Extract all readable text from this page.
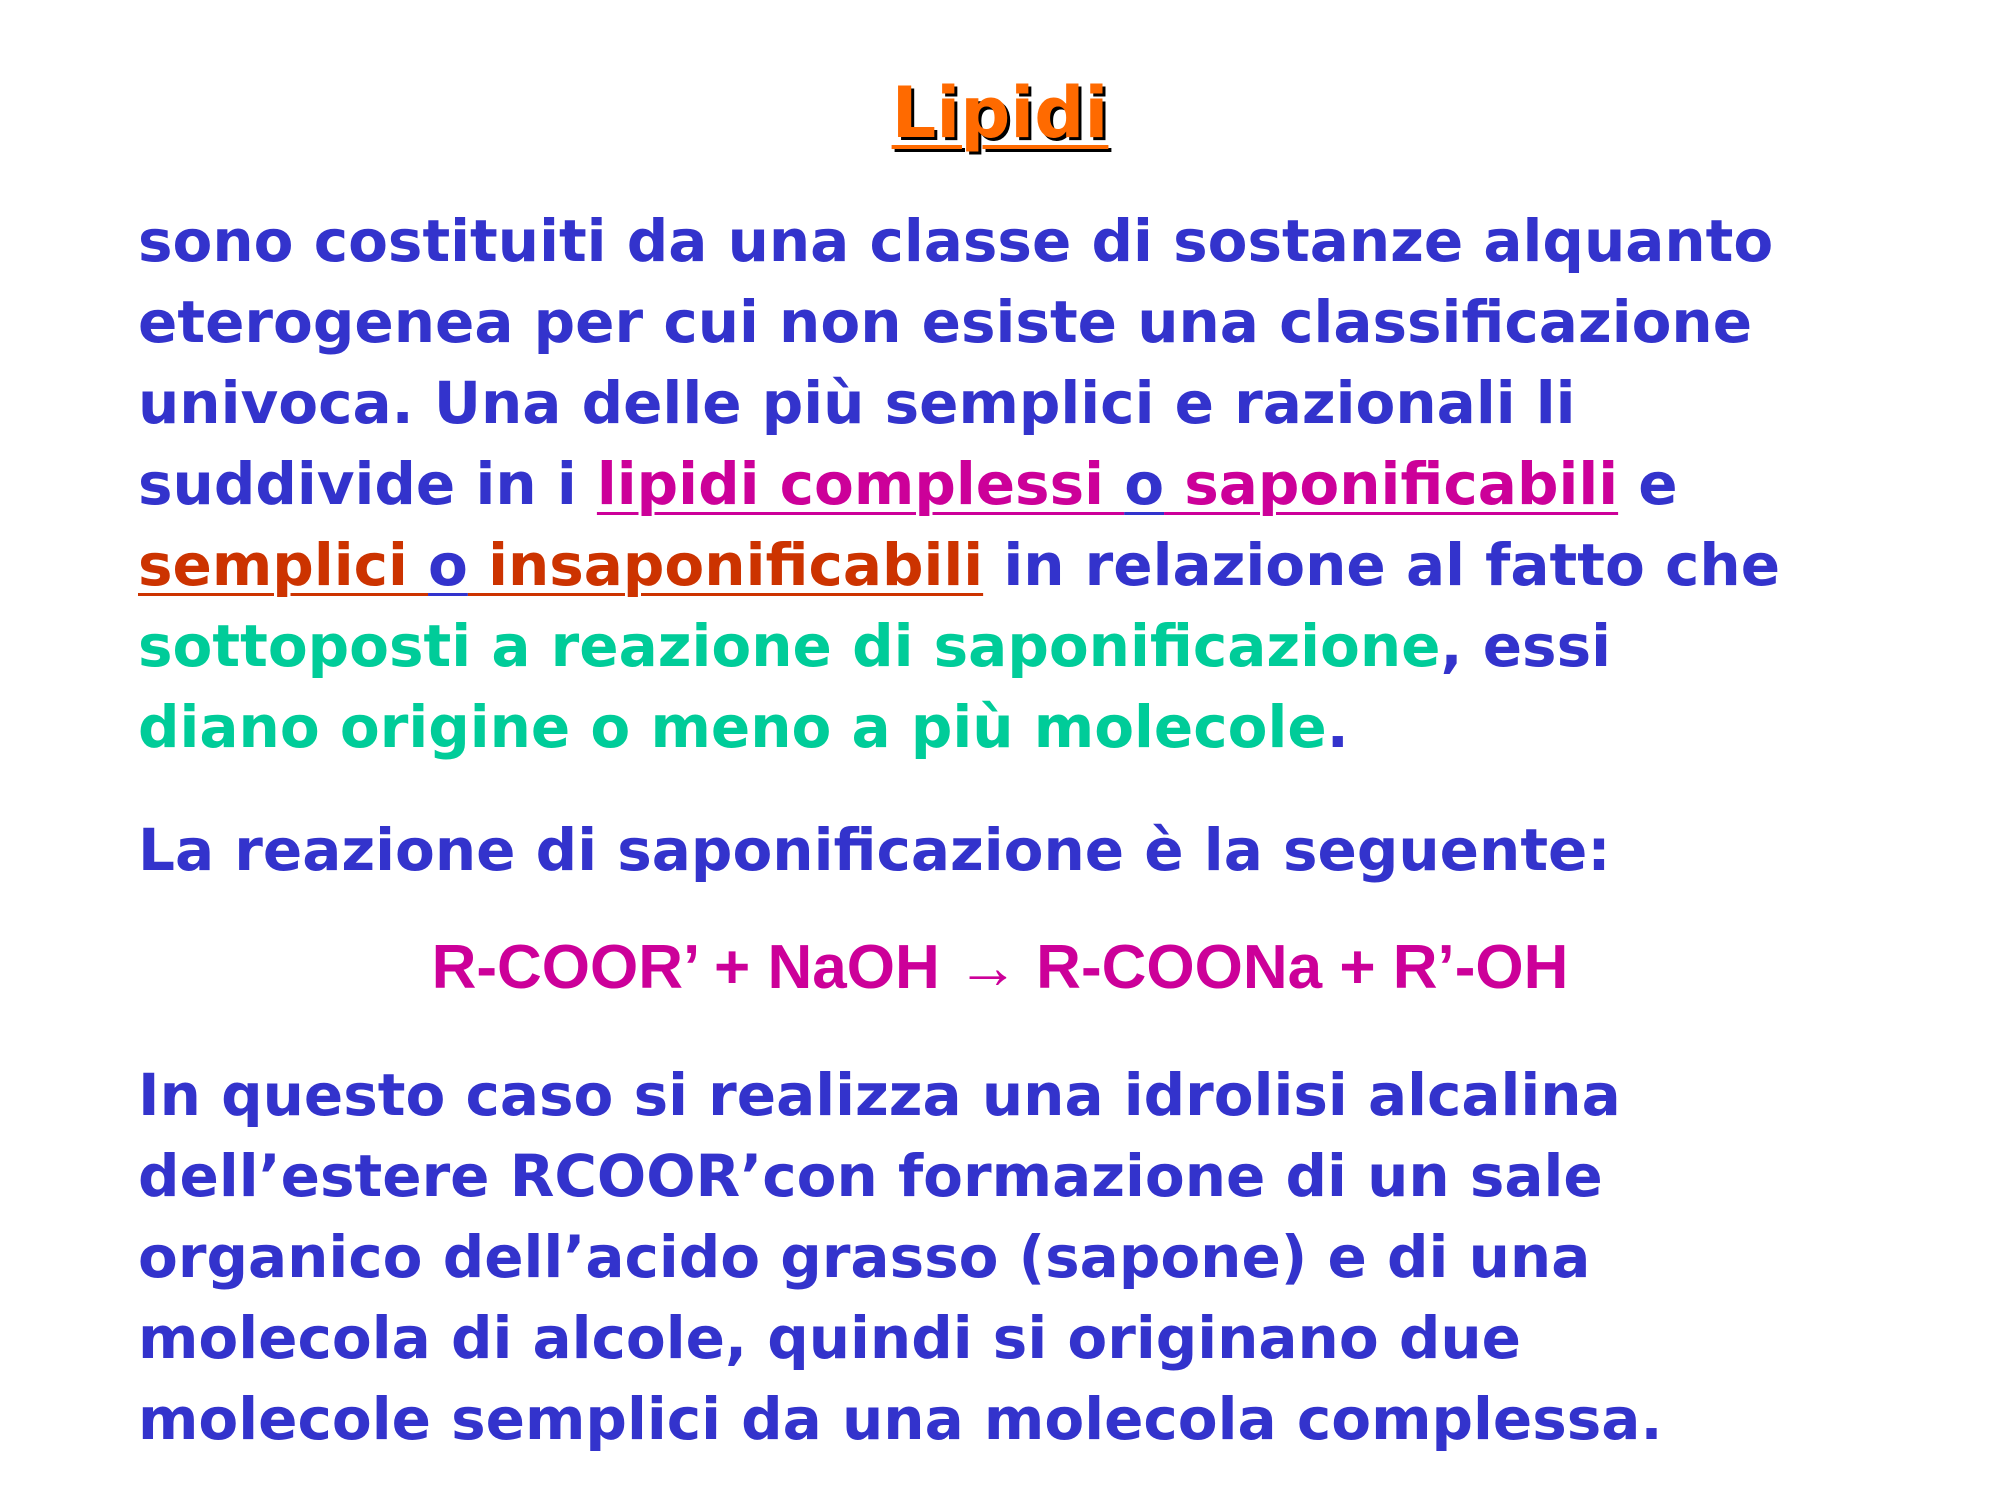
Lipidi

sono costituiti da una classe di sostanze alquanto
eterogenea per cui non esiste una classificazione
univoca. Una delle più semplici e razionali li
suddivide in i lipidi complessi o saponificabili e
semplici o insaponificabili in relazione al fatto che
sottoposti a reazione di saponificazione, essi
diano origine o meno a più molecole.

La reazione di saponificazione è la seguente:

R-COOR’ + NaOH → R-COONa + R’-OH

In questo caso si realizza una idrolisi alcalina
dell’estere RCOOR’con formazione di un sale
organico dell’acido grasso (sapone) e di una
molecola di alcole, quindi si originano due
molecole semplici da una molecola complessa.
